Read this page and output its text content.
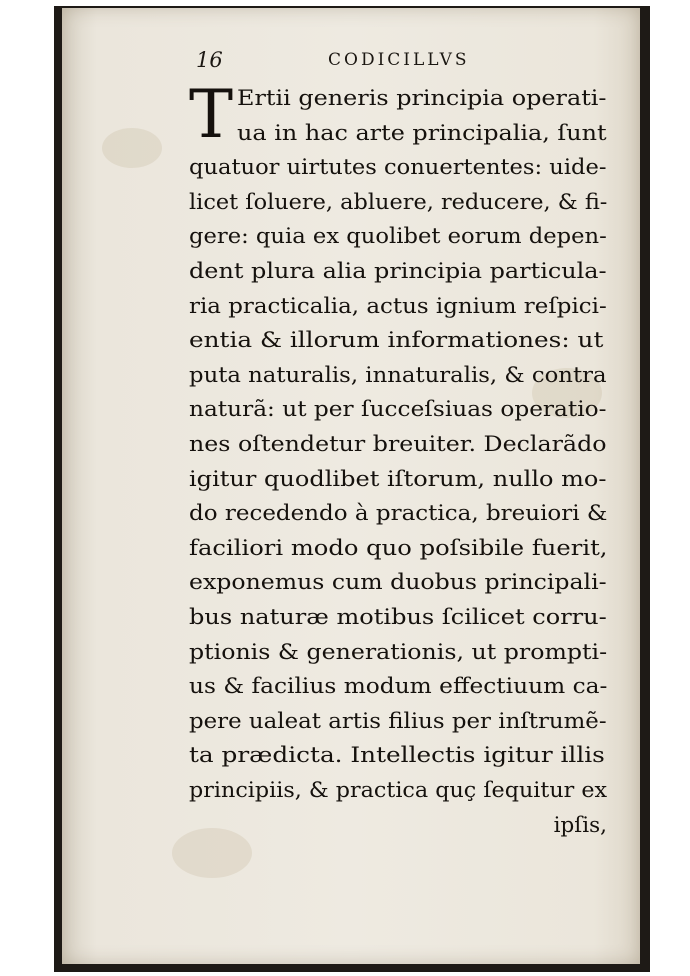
16	CODICILLVS
T Ertii generis principia operati-
ua in hac arte principalia, ſunt
quatuor uirtutes conuertentes: uide-
licet ſoluere, abluere, reducere, & fi-
gere: quia ex quolibet eorum depen-
dent plura alia principia particula-
ria practicalia, actus ignium reſpici-
entia & illorum informationes: ut
puta naturalis, innaturalis, & contra
naturã: ut per ſucceſsiuas operatio-
nes oſtendetur breuiter. Declarãdo
igitur quodlibet iſtorum, nullo mo-
do recedendo à practica, breuiori &
faciliori modo quo poſsibile fuerit,
exponemus cum duobus principali-
bus naturæ motibus ſcilicet corru-
ptionis & generationis, ut prompti-
us & facilius modum effectiuum ca-
pere ualeat artis filius per inſtrumẽ-
ta prædicta. Intellectis igitur illis
principiis, & practica quç ſequitur ex
ipſis,
